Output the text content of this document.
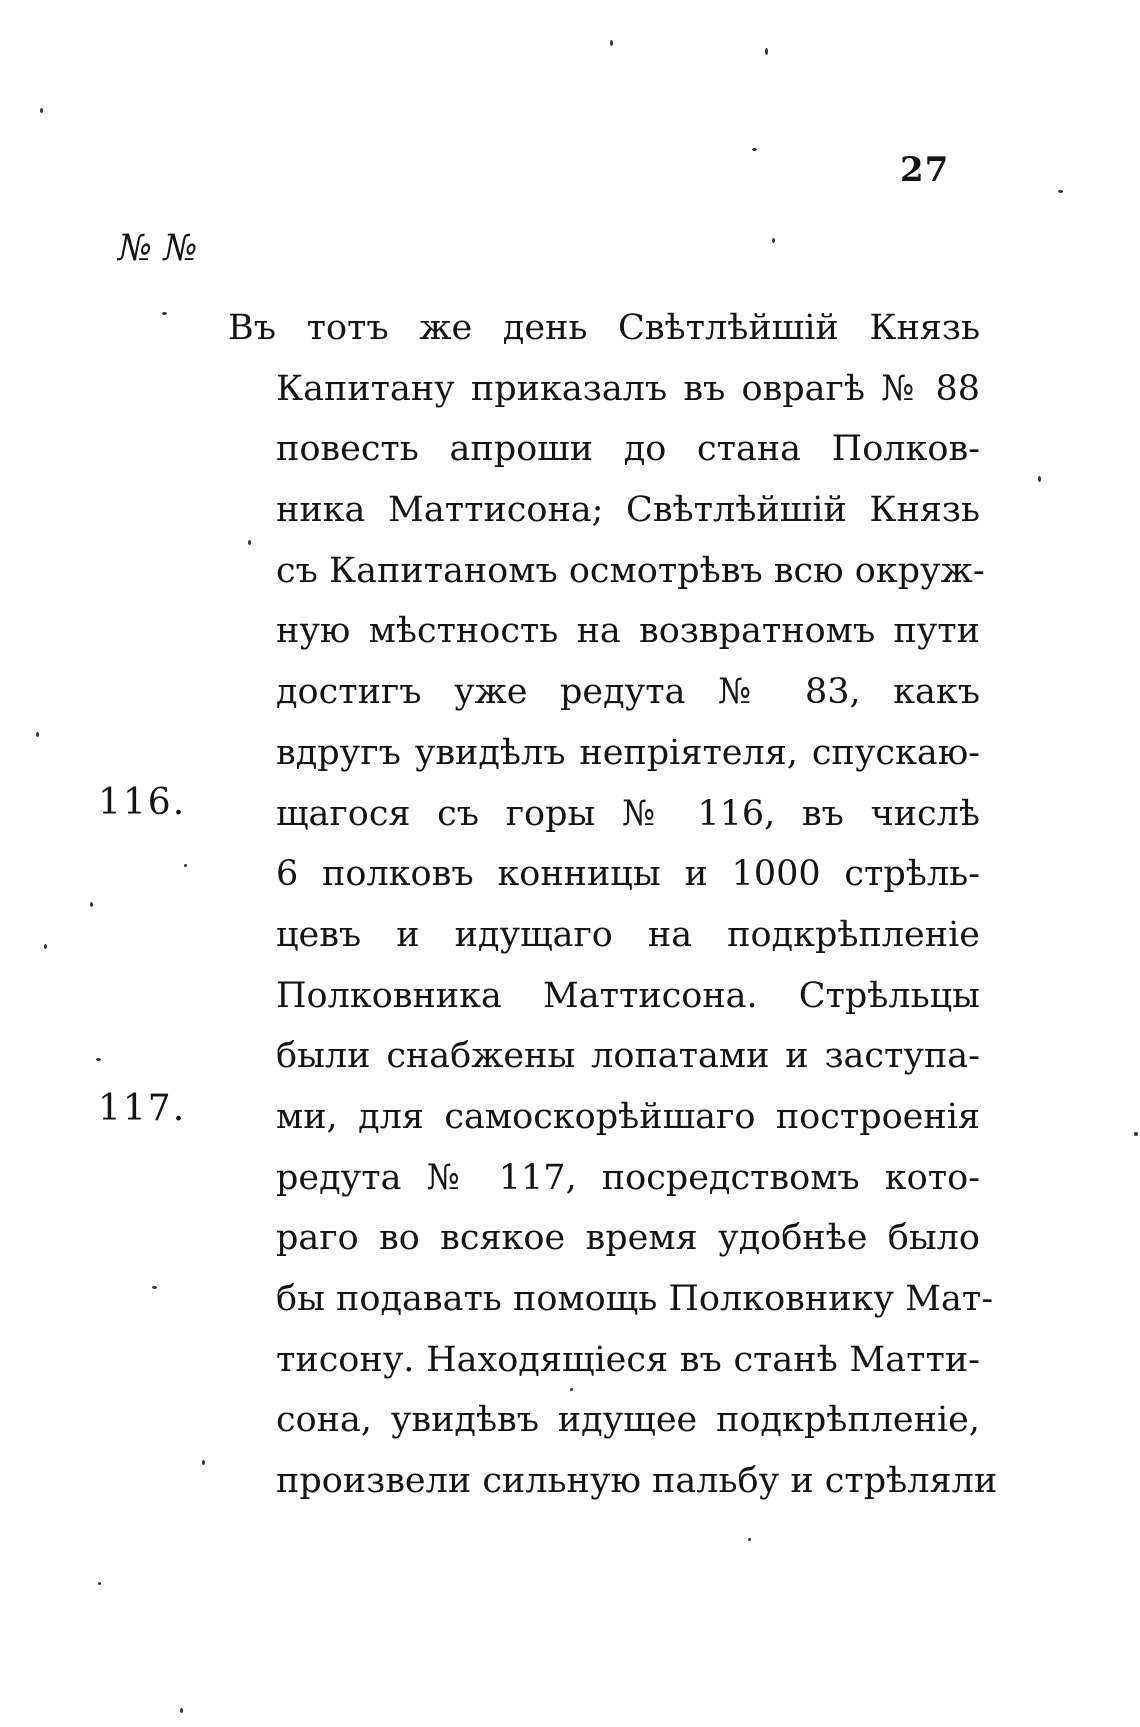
27
№ №
116.
117.
Въ тотъ же день Свѣтлѣйшій Князь
Капитану приказалъ въ оврагѣ № 88
повесть апроши до стана Полков-
ника Маттисона; Свѣтлѣйшій Князь
съ Капитаномъ осмотрѣвъ всю окруж-
ную мѣстность на возвратномъ пути
достигъ уже редута № 83, какъ
вдругъ увидѣлъ непріятеля, спускаю-
щагося съ горы № 116, въ числѣ
6 полковъ конницы и 1000 стрѣль-
цевъ и идущаго на подкрѣпленіе
Полковника Маттисона. Стрѣльцы
были снабжены лопатами и заступа-
ми, для самоскорѣйшаго построенія
редута № 117, посредствомъ кото-
раго во всякое время удобнѣе было
бы подавать помощь Полковнику Мат-
тисону. Находящіеся въ станѣ Матти-
сона, увидѣвъ идущее подкрѣпленіе,
произвели сильную пальбу и стрѣляли
